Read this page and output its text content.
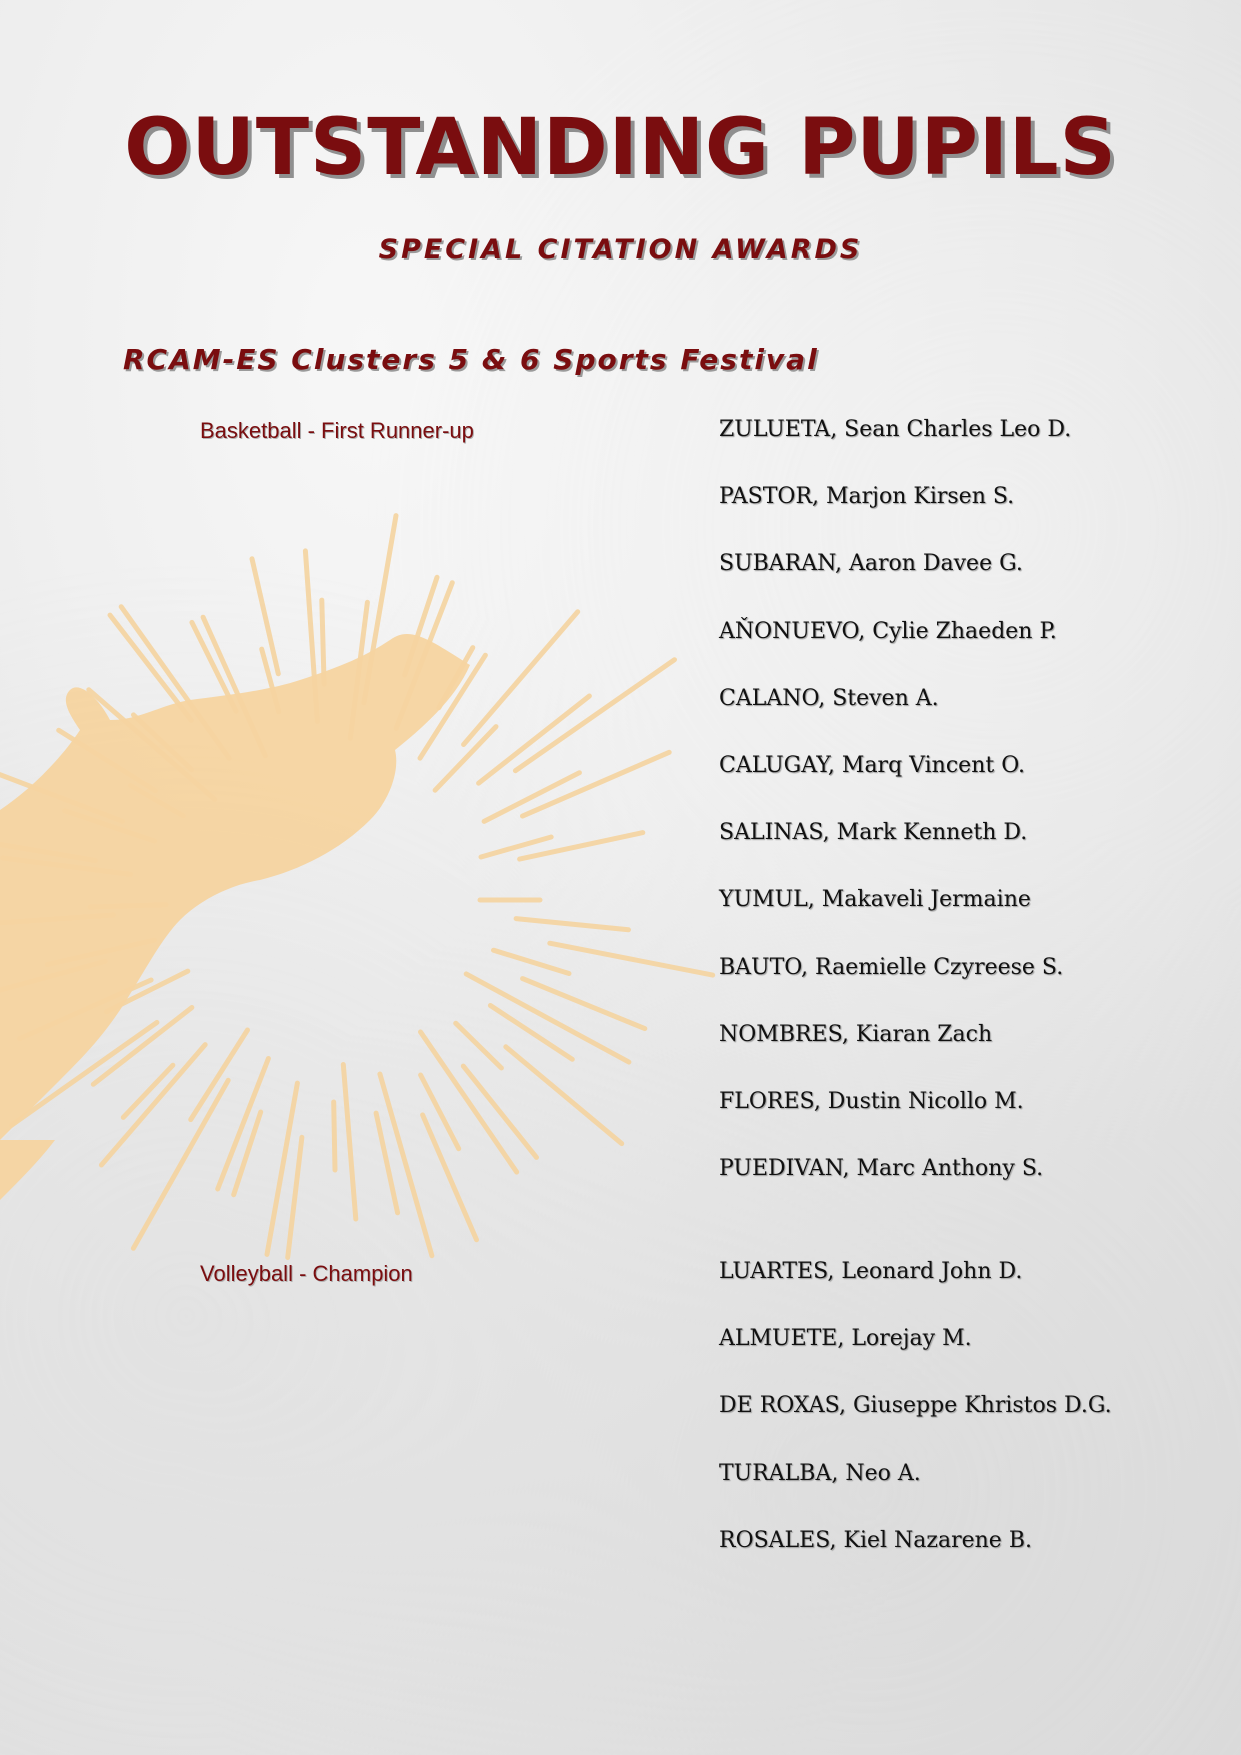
OUTSTANDING PUPILS
SPECIAL CITATION AWARDS
RCAM-ES Clusters 5 & 6 Sports Festival
Basketball - First Runner-up	ZULUETA, Sean Charles Leo D.
PASTOR, Marjon Kirsen S.
SUBARAN, Aaron Davee G.
AŇONUEVO, Cylie Zhaeden P.
CALANO, Steven A.
CALUGAY, Marq Vincent O.
SALINAS, Mark Kenneth D.
YUMUL, Makaveli Jermaine
BAUTO, Raemielle Czyreese S.
NOMBRES, Kiaran Zach
FLORES, Dustin Nicollo M.
PUEDIVAN, Marc Anthony S.
Volleyball - Champion	LUARTES, Leonard John D.
ALMUETE, Lorejay M.
DE ROXAS, Giuseppe Khristos D.G.
TURALBA, Neo A.
ROSALES, Kiel Nazarene B.
